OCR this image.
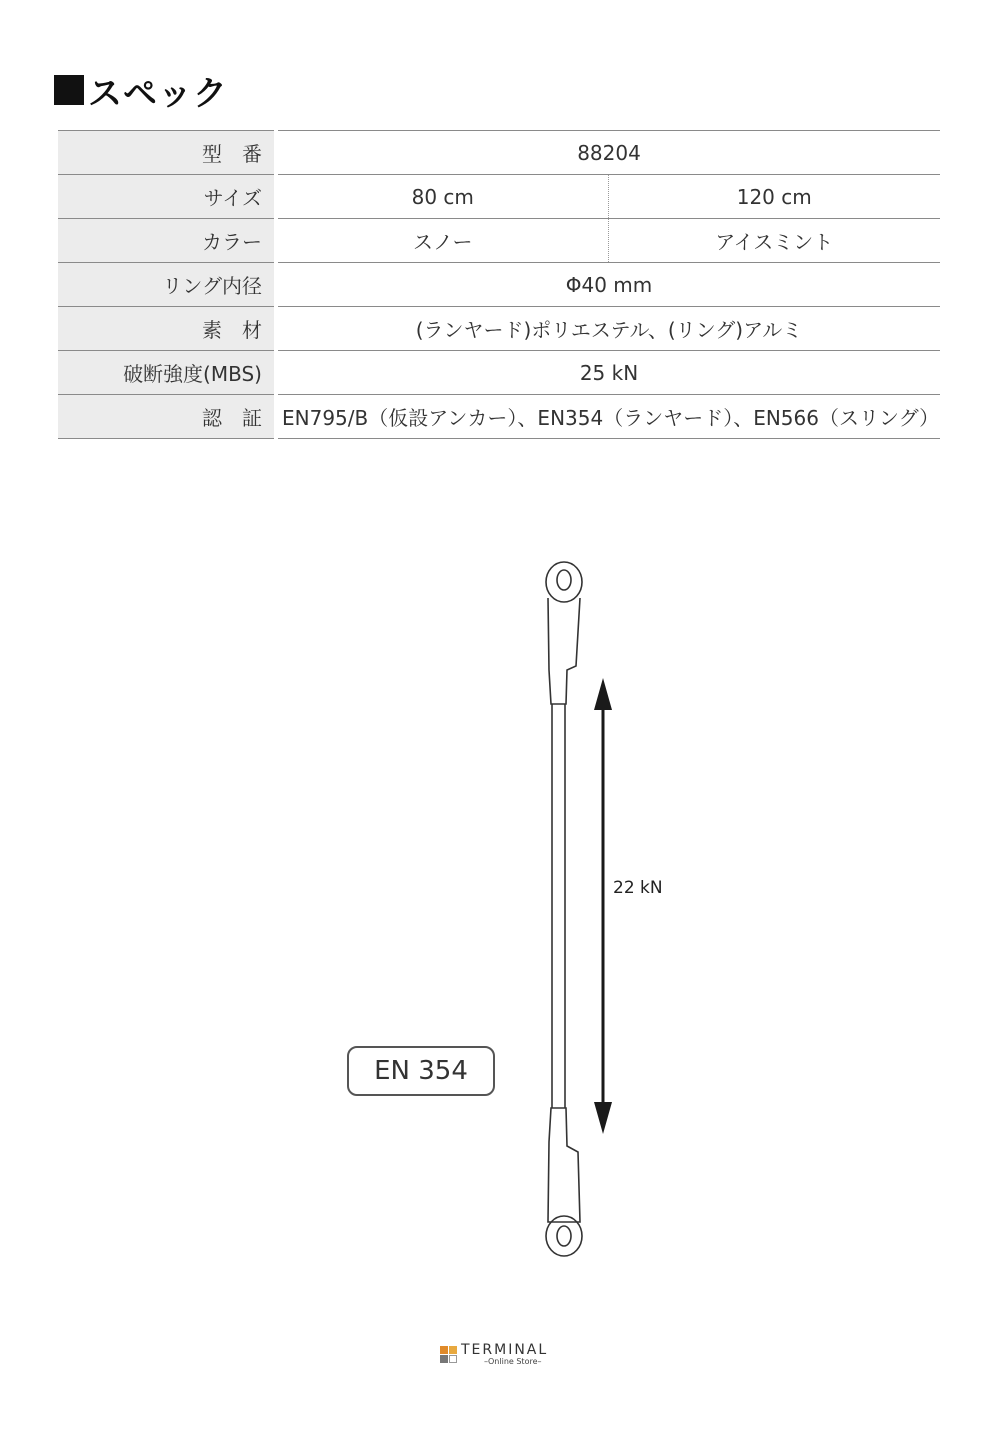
スペック
型　番	88204	
サイズ	80 cm	120 cm
カラー	スノー	アイスミント
リング内径	Φ40 mm	
素　材	(ランヤード)ポリエステル、(リング)アルミ	
破断強度(MBS)	25 kN	
認　証	EN795/B（仮設アンカー）、EN354（ランヤード）、EN566（スリング）	
22 kN
EN 354
TERMINAL
–Online Store–
